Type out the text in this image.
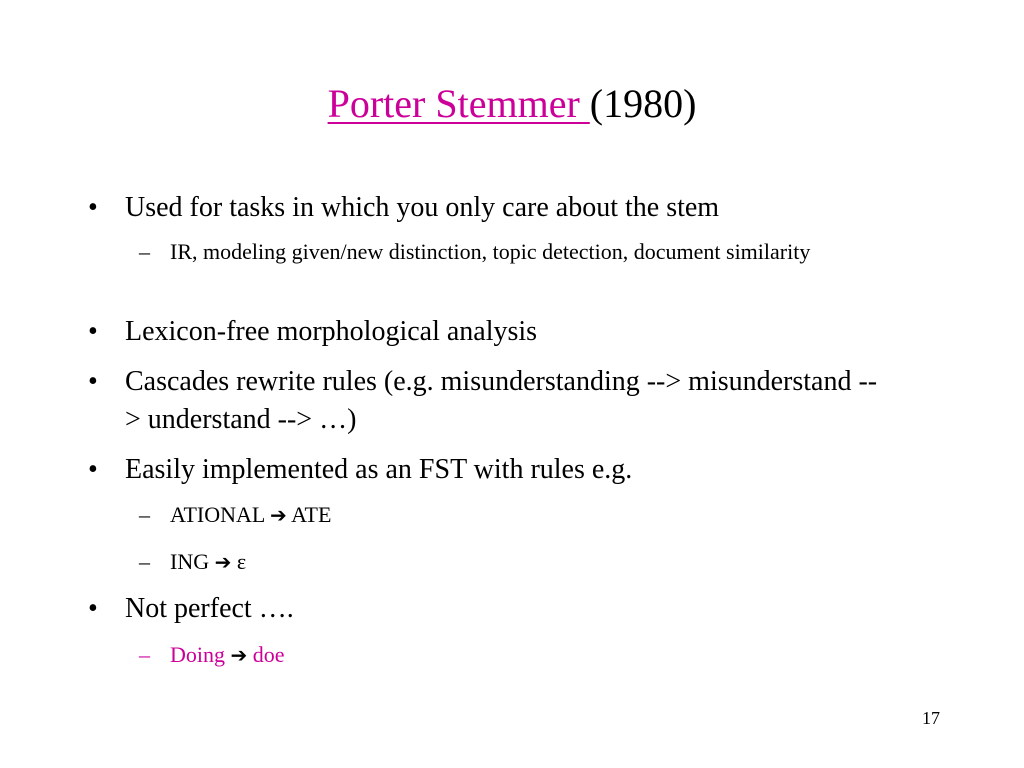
Porter Stemmer (1980)
• Used for tasks in which you only care about the stem
– IR, modeling given/new distinction, topic detection, document similarity
• Lexicon-free morphological analysis
• Cascades rewrite rules (e.g. misunderstanding --> misunderstand --> understand --> …)
• Easily implemented as an FST with rules e.g.
– ATIONAL ➔ ATE
– ING ➔ ε
• Not perfect ….
– Doing ➔ doe
17
